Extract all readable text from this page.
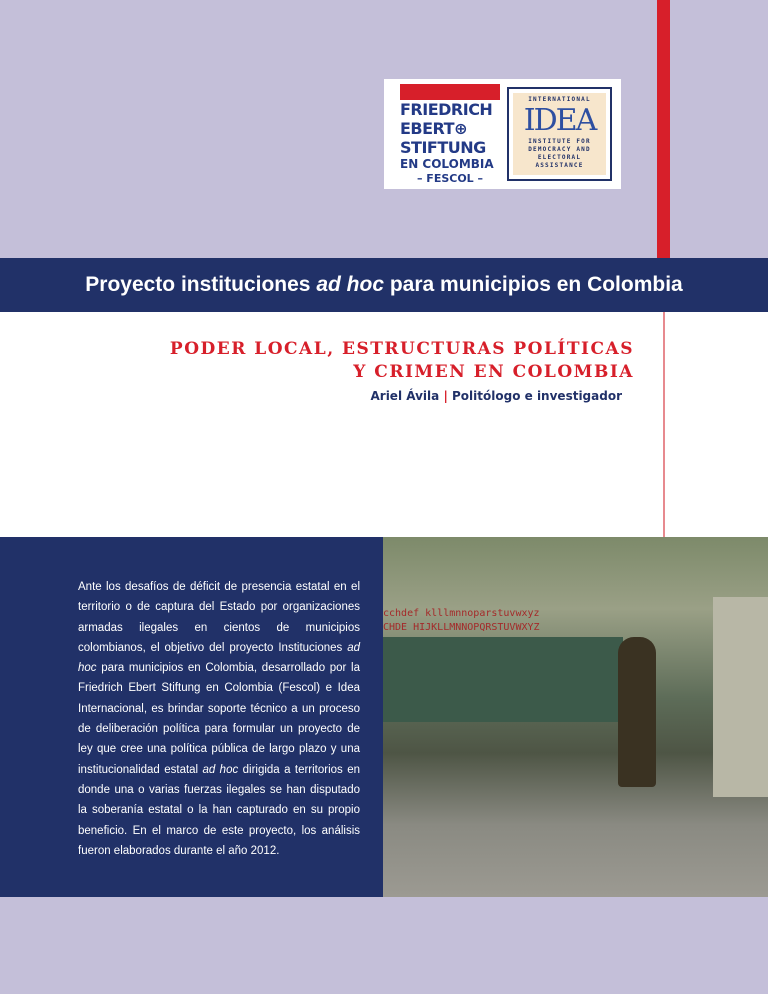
FRIEDRICH
EBERT⊕
STIFTUNG
EN COLOMBIA
– FESCOL –
INTERNATIONAL
IDEA
INSTITUTE FOR
DEMOCRACY AND
ELECTORAL
ASSISTANCE
Proyecto instituciones ad hoc para municipios en Colombia
PODER LOCAL, ESTRUCTURAS POLÍTICAS
Y CRIMEN EN COLOMBIA
Ariel Ávila | Politólogo e investigador

Ante los desafíos de déficit de presencia estatal en el territorio o de captura del Estado por organizaciones armadas ilegales en cientos de municipios colombianos, el objetivo del proyecto Instituciones ad hoc para municipios en Colombia, desarrollado por la Friedrich Ebert Stiftung en Colombia (Fescol) e Idea Internacional, es brindar soporte técnico a un proceso de deliberación política para formular un proyecto de ley que cree una política pública de largo plazo y una institucionalidad estatal ad hoc dirigida a territorios en donde una o varias fuerzas ilegales se han disputado la soberanía estatal o la han capturado en su propio beneficio. En el marco de este proyecto, los análisis fueron elaborados durante el año 2012.

cchdef klllmnnoparstuvwxyz
CHDE HIJKLLMNNOPQRSTUVWXYZ
